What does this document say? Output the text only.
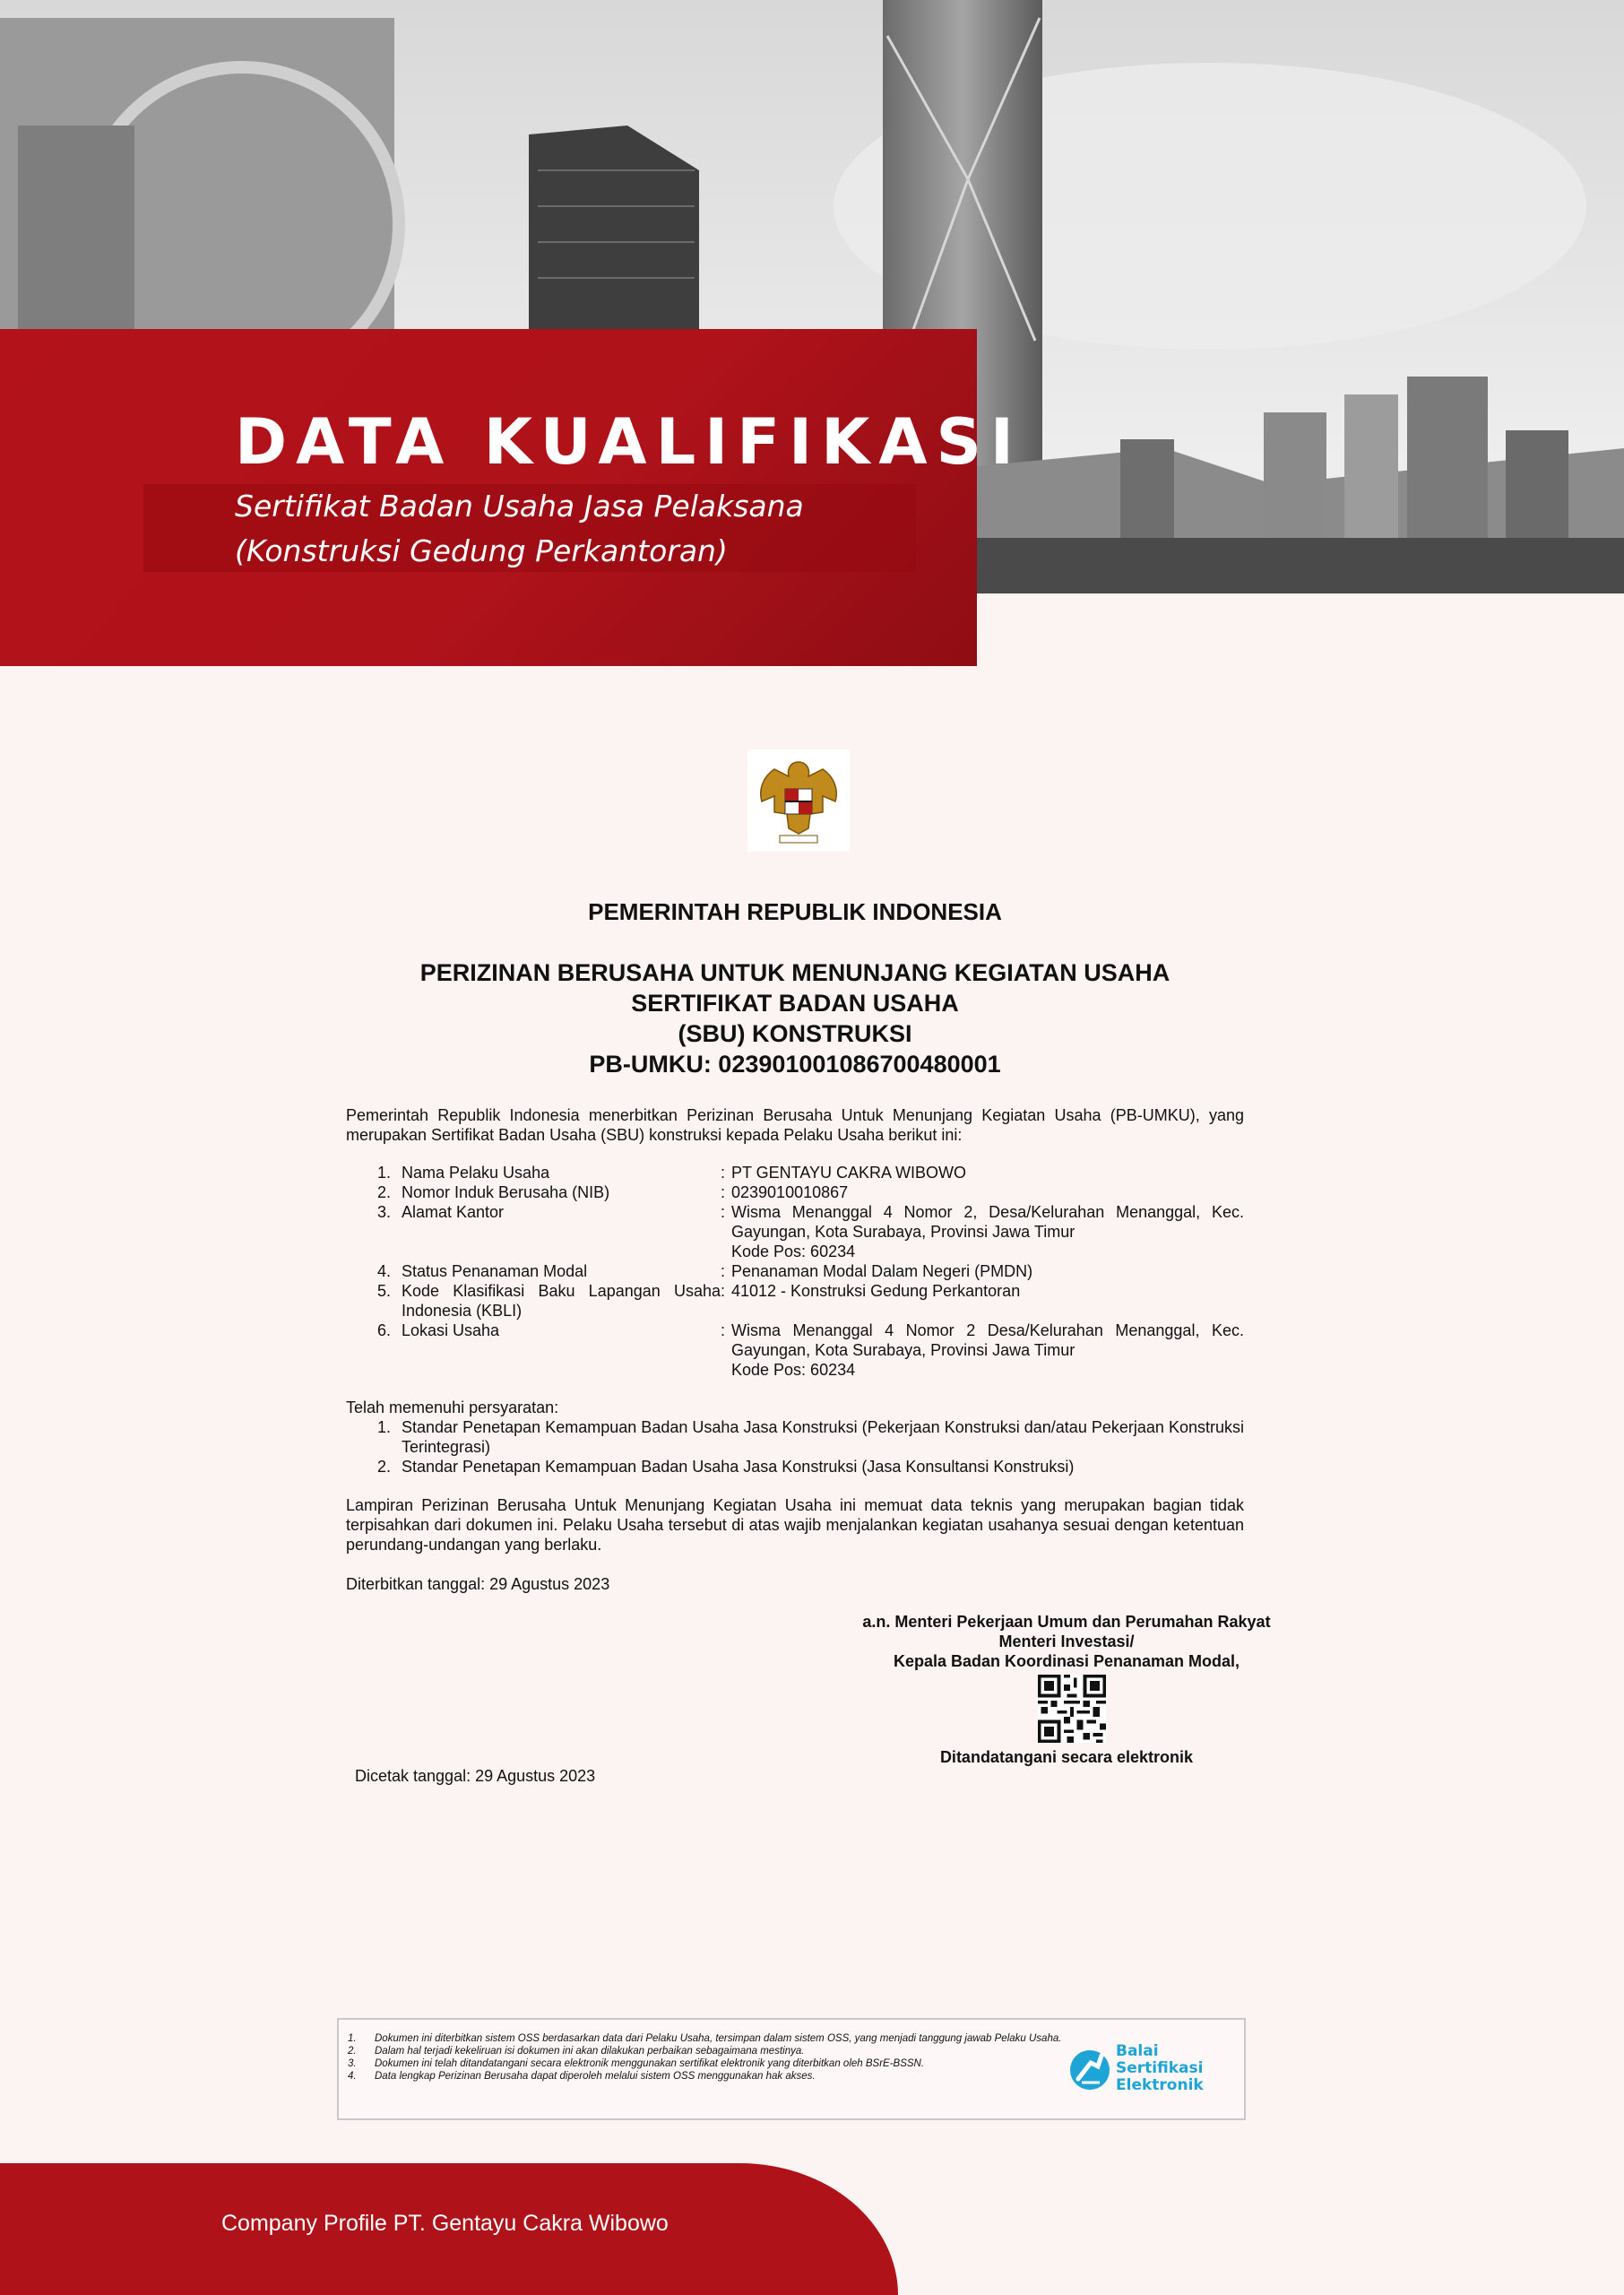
DATA KUALIFIKASI

Sertifikat Badan Usaha Jasa Pelaksana (Konstruksi Gedung Perkantoran)

PEMERINTAH REPUBLIK INDONESIA

PERIZINAN BERUSAHA UNTUK MENUNJANG KEGIATAN USAHA
SERTIFIKAT BADAN USAHA
(SBU) KONSTRUKSI
PB-UMKU: 023901001086700480001

Pemerintah Republik Indonesia menerbitkan Perizinan Berusaha Untuk Menunjang Kegiatan Usaha (PB-UMKU), yang merupakan Sertifikat Badan Usaha (SBU) konstruksi kepada Pelaku Usaha berikut ini:

1. Nama Pelaku Usaha	: PT GENTAYU CAKRA WIBOWO
2. Nomor Induk Berusaha (NIB)	: 0239010010867
3. Alamat Kantor	: Wisma Menanggal 4 Nomor 2, Desa/Kelurahan Menanggal, Kec. Gayungan, Kota Surabaya, Provinsi Jawa Timur
Kode Pos: 60234
4. Status Penanaman Modal	: Penanaman Modal Dalam Negeri (PMDN)
5. Kode Klasifikasi Baku Lapangan Usaha Indonesia (KBLI)
: 41012 - Konstruksi Gedung Perkantoran
6. Lokasi Usaha	: Wisma Menanggal 4 Nomor 2 Desa/Kelurahan Menanggal, Kec. Gayungan, Kota Surabaya, Provinsi Jawa Timur
Kode Pos: 60234
Telah memenuhi persyaratan:
1. Standar Penetapan Kemampuan Badan Usaha Jasa Konstruksi (Pekerjaan Konstruksi dan/atau Pekerjaan Konstruksi Terintegrasi)
2. Standar Penetapan Kemampuan Badan Usaha Jasa Konstruksi (Jasa Konsultansi Konstruksi)

Lampiran Perizinan Berusaha Untuk Menunjang Kegiatan Usaha ini memuat data teknis yang merupakan bagian tidak terpisahkan dari dokumen ini. Pelaku Usaha tersebut di atas wajib menjalankan kegiatan usahanya sesuai dengan ketentuan perundang-undangan yang berlaku.

Diterbitkan tanggal: 29 Agustus 2023

a.n. Menteri Pekerjaan Umum dan Perumahan Rakyat

Menteri Investasi/

Kepala Badan Koordinasi Penanaman Modal,

Ditandatangani secara elektronik

Dicetak tanggal: 29 Agustus 2023

1.	Dokumen ini diterbitkan sistem OSS berdasarkan data dari Pelaku Usaha, tersimpan dalam sistem OSS, yang menjadi tanggung jawab Pelaku Usaha.
2.	Dalam hal terjadi kekeliruan isi dokumen ini akan dilakukan perbaikan sebagaimana mestinya.
3.	Dokumen ini telah ditandatangani secara elektronik menggunakan sertifikat elektronik yang diterbitkan oleh BSrE-BSSN.
4.	Data lengkap Perizinan Berusaha dapat diperoleh melalui sistem OSS menggunakan hak akses.

Balai
Sertifikasi
Elektronik

Company Profile PT. Gentayu Cakra Wibowo
